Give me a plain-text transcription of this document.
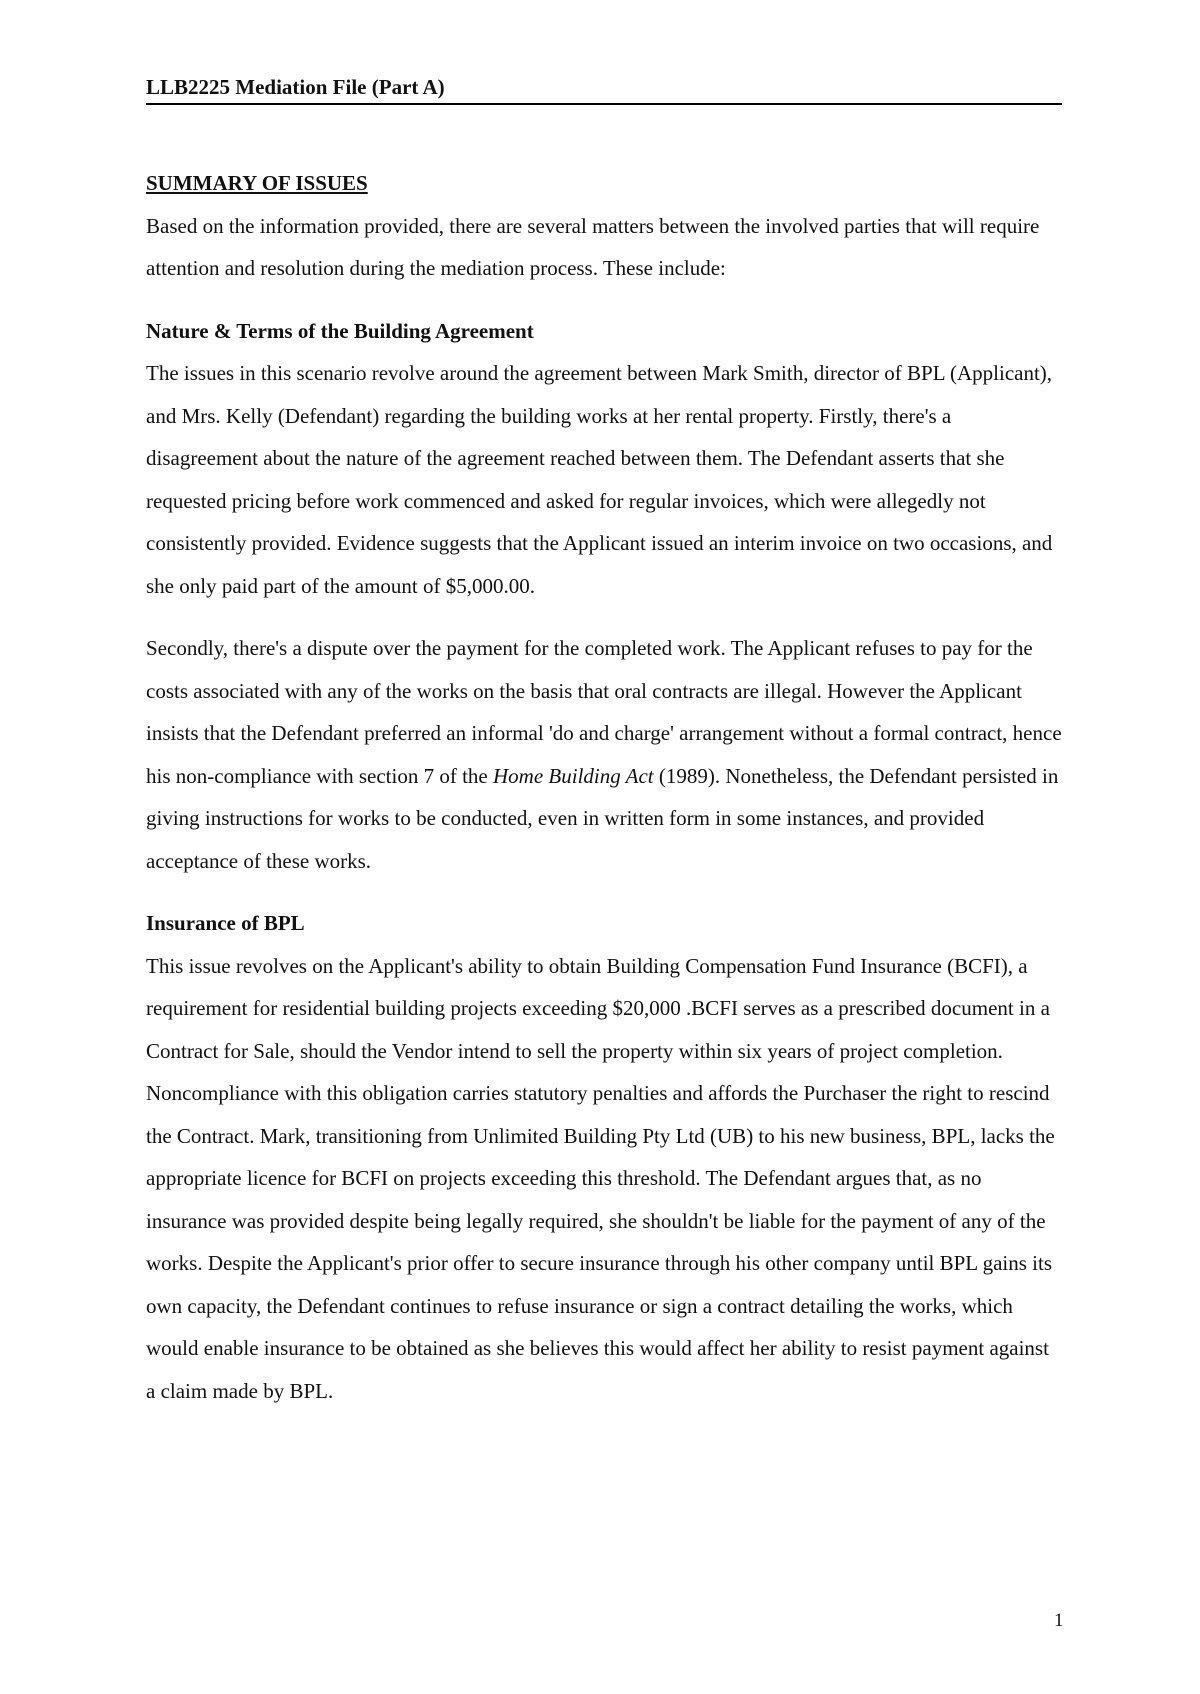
LLB2225 Mediation File (Part A)
SUMMARY OF ISSUES

Based on the information provided, there are several matters between the involved parties that will require attention and resolution during the mediation process. These include:

Nature & Terms of the Building Agreement

The issues in this scenario revolve around the agreement between Mark Smith, director of BPL (Applicant), and Mrs. Kelly (Defendant) regarding the building works at her rental property. Firstly, there's a disagreement about the nature of the agreement reached between them. The Defendant asserts that she requested pricing before work commenced and asked for regular invoices, which were allegedly not consistently provided. Evidence suggests that the Applicant issued an interim invoice on two occasions, and she only paid part of the amount of $5,000.00.

Secondly, there's a dispute over the payment for the completed work. The Applicant refuses to pay for the costs associated with any of the works on the basis that oral contracts are illegal. However the Applicant insists that the Defendant preferred an informal 'do and charge' arrangement without a formal contract, hence his non-compliance with section 7 of the Home Building Act (1989). Nonetheless, the Defendant persisted in giving instructions for works to be conducted, even in written form in some instances, and provided acceptance of these works.

Insurance of BPL

This issue revolves on the Applicant's ability to obtain Building Compensation Fund Insurance (BCFI), a requirement for residential building projects exceeding $20,000 .BCFI serves as a prescribed document in a Contract for Sale, should the Vendor intend to sell the property within six years of project completion. Noncompliance with this obligation carries statutory penalties and affords the Purchaser the right to rescind the Contract. Mark, transitioning from Unlimited Building Pty Ltd (UB) to his new business, BPL, lacks the appropriate licence for BCFI on projects exceeding this threshold. The Defendant argues that, as no insurance was provided despite being legally required, she shouldn't be liable for the payment of any of the works. Despite the Applicant's prior offer to secure insurance through his other company until BPL gains its own capacity, the Defendant continues to refuse insurance or sign a contract detailing the works, which would enable insurance to be obtained as she believes this would affect her ability to resist payment against a claim made by BPL.

1
